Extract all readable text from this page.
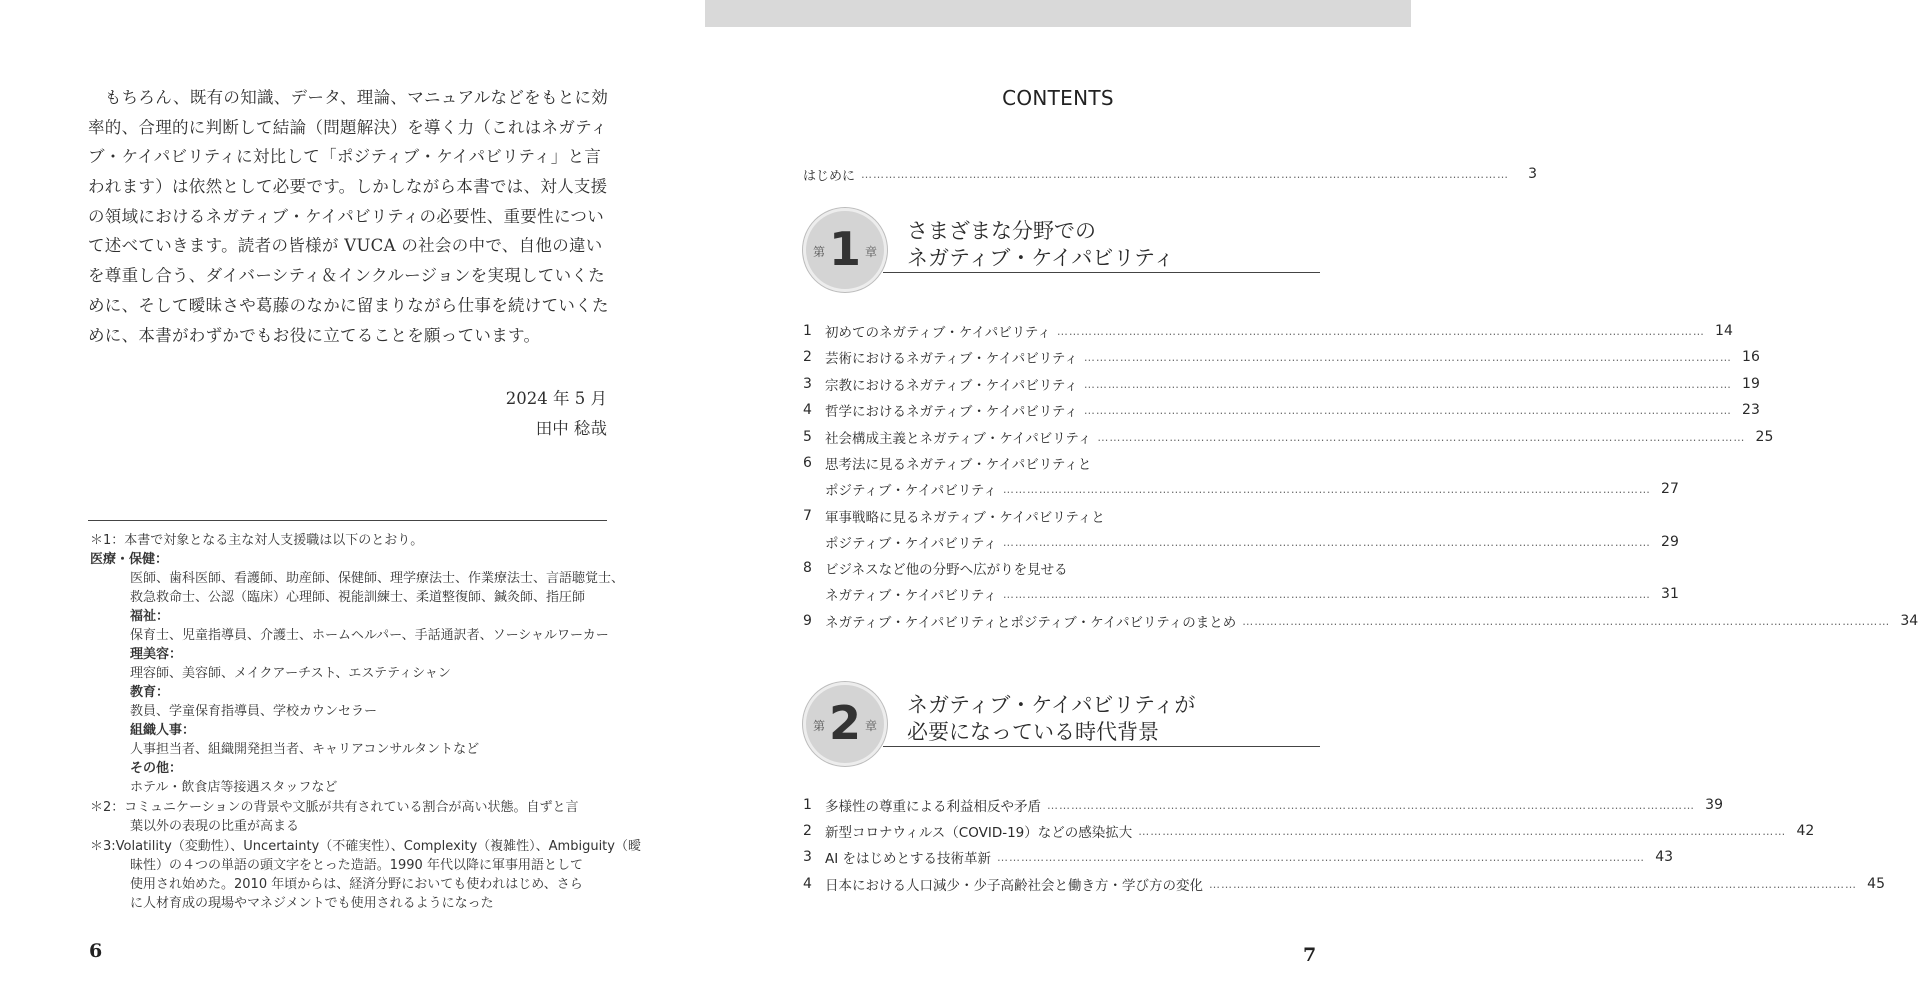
　もちろん、既有の知識、データ、理論、マニュアルなどをもとに効
率的、合理的に判断して結論（問題解決）を導く力（これはネガティ
ブ・ケイパビリティに対比して「ポジティブ・ケイパビリティ」と言
われます）は依然として必要です。しかしながら本書では、対人支援
の領域におけるネガティブ・ケイパビリティの必要性、重要性につい
て述べていきます。読者の皆様が VUCA の社会の中で、自他の違い
を尊重し合う、ダイバーシティ＆インクルージョンを実現していくた
めに、そして曖昧さや葛藤のなかに留まりながら仕事を続けていくた
めに、本書がわずかでもお役に立てることを願っています。
2024 年 5 月
田中 稔哉
＊1：本書で対象となる主な対人支援職は以下のとおり。
医療・保健：
医師、歯科医師、看護師、助産師、保健師、理学療法士、作業療法士、言語聴覚士、
救急救命士、公認（臨床）心理師、視能訓練士、柔道整復師、鍼灸師、指圧師
福祉：
保育士、児童指導員、介護士、ホームヘルパー、手話通訳者、ソーシャルワーカー
理美容：
理容師、美容師、メイクアーチスト、エステティシャン
教育：
教員、学童保育指導員、学校カウンセラー
組織人事：
人事担当者、組織開発担当者、キャリアコンサルタントなど
その他：
ホテル・飲食店等接遇スタッフなど
＊2：コミュニケーションの背景や文脈が共有されている割合が高い状態。自ずと言
葉以外の表現の比重が高まる
＊3:Volatility（変動性）、Uncertainty（不確実性）、Complexity（複雑性）、Ambiguity（曖
昧性）の４つの単語の頭文字をとった造語。1990 年代以降に軍事用語として
使用され始めた。2010 年頃からは、経済分野においても使われはじめ、さら
に人材育成の現場やマネジメントでも使用されるようになった
6
CONTENTS
はじめに ………………………………………………………………………………………………………………………………………………	3
第 1 章
さまざまな分野での
ネガティブ・ケイパビリティ
1 初めてのネガティブ・ケイパビリティ ……………………………………………………………………………………………………………………………………………… 14
2 芸術におけるネガティブ・ケイパビリティ ……………………………………………………………………………………………………………………………………………… 16
3 宗教におけるネガティブ・ケイパビリティ ……………………………………………………………………………………………………………………………………………… 19
4 哲学におけるネガティブ・ケイパビリティ ……………………………………………………………………………………………………………………………………………… 23
5 社会構成主義とネガティブ・ケイパビリティ ……………………………………………………………………………………………………………………………………………… 25
6 思考法に見るネガティブ・ケイパビリティと
ポジティブ・ケイパビリティ ……………………………………………………………………………………………………………………………………………… 27
7 軍事戦略に見るネガティブ・ケイパビリティと
ポジティブ・ケイパビリティ ……………………………………………………………………………………………………………………………………………… 29
8 ビジネスなど他の分野へ広がりを見せる
ネガティブ・ケイパビリティ ……………………………………………………………………………………………………………………………………………… 31
9 ネガティブ・ケイパビリティとポジティブ・ケイパビリティのまとめ ……………………………………………………………………………………………………………………………………………… 34
第 2 章
ネガティブ・ケイパビリティが
必要になっている時代背景
1 多様性の尊重による利益相反や矛盾 ……………………………………………………………………………………………………………………………………………… 39
2 新型コロナウィルス（COVID-19）などの感染拡大 ……………………………………………………………………………………………………………………………………………… 42
3 AI をはじめとする技術革新 ……………………………………………………………………………………………………………………………………………… 43
4 日本における人口減少・少子高齢社会と働き方・学び方の変化 ……………………………………………………………………………………………………………………………………………… 45
7
